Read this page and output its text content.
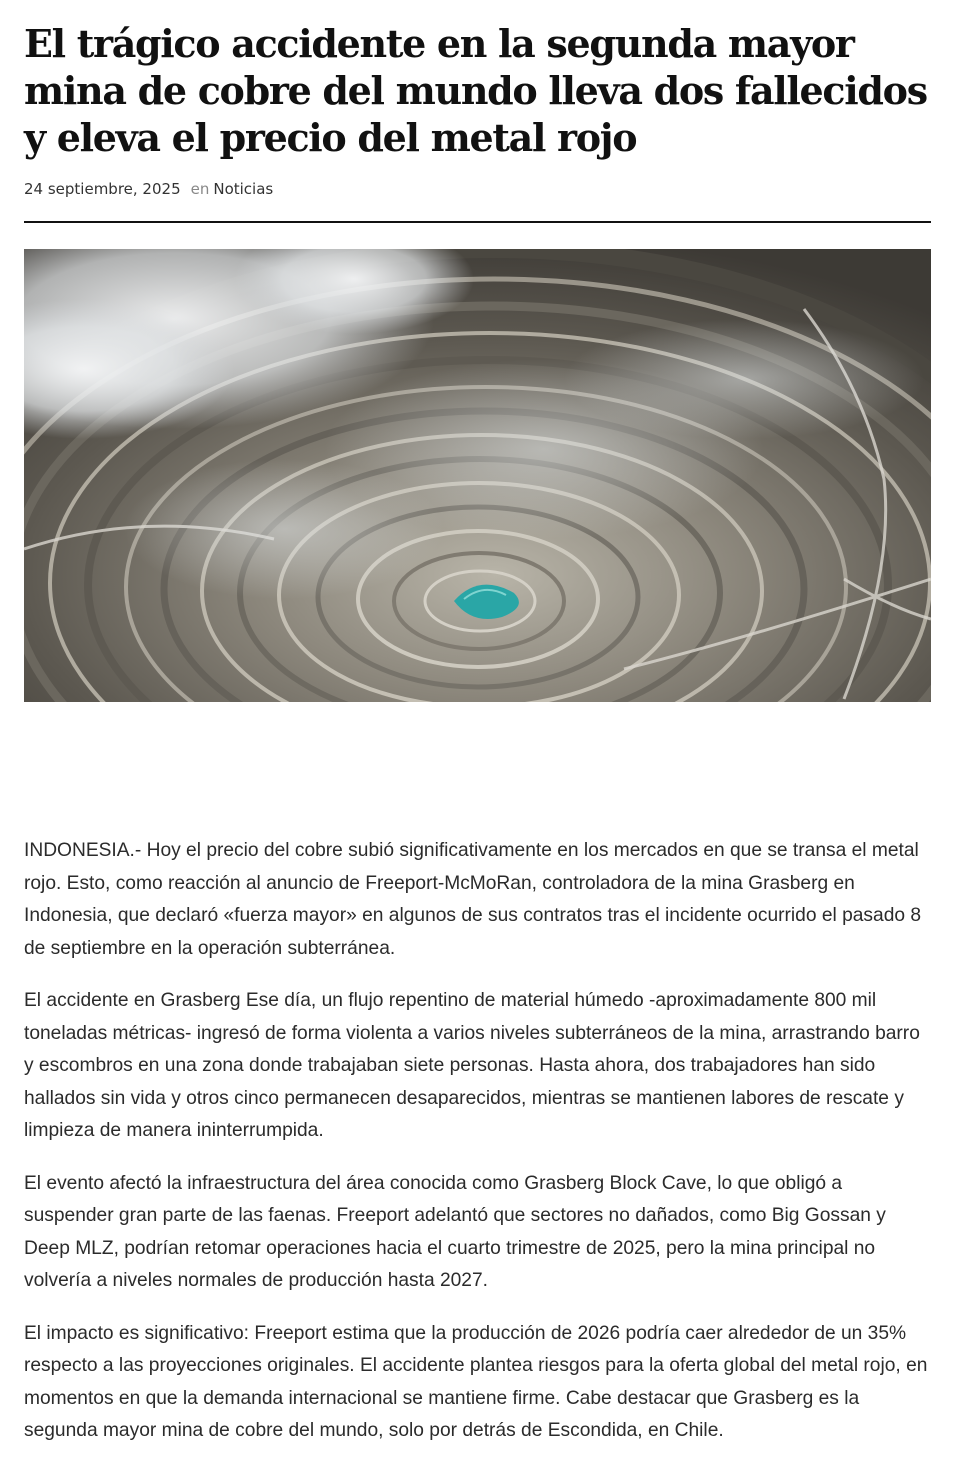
El trágico accidente en la segunda mayor mina de cobre del mundo lleva dos fallecidos y eleva el precio del metal rojo
24 septiembre, 2025 en Noticias

INDONESIA.- Hoy el precio del cobre subió significativamente en los mercados en que se transa el metal rojo. Esto, como reacción al anuncio de Freeport-McMoRan, controladora de la mina Grasberg en Indonesia, que declaró «fuerza mayor» en algunos de sus contratos tras el incidente ocurrido el pasado 8 de septiembre en la operación subterránea.

El accidente en Grasberg Ese día, un flujo repentino de material húmedo -aproximadamente 800 mil toneladas métricas- ingresó de forma violenta a varios niveles subterráneos de la mina, arrastrando barro y escombros en una zona donde trabajaban siete personas. Hasta ahora, dos trabajadores han sido hallados sin vida y otros cinco permanecen desaparecidos, mientras se mantienen labores de rescate y limpieza de manera ininterrumpida.

El evento afectó la infraestructura del área conocida como Grasberg Block Cave, lo que obligó a suspender gran parte de las faenas. Freeport adelantó que sectores no dañados, como Big Gossan y Deep MLZ, podrían retomar operaciones hacia el cuarto trimestre de 2025, pero la mina principal no volvería a niveles normales de producción hasta 2027.

El impacto es significativo: Freeport estima que la producción de 2026 podría caer alrededor de un 35% respecto a las proyecciones originales. El accidente plantea riesgos para la oferta global del metal rojo, en momentos en que la demanda internacional se mantiene firme. Cabe destacar que Grasberg es la segunda mayor mina de cobre del mundo, solo por detrás de Escondida, en Chile.
